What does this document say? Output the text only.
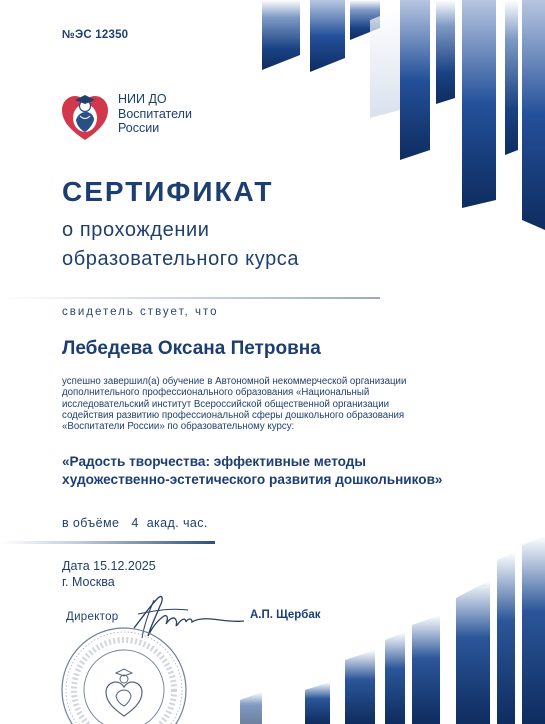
№ЭС 12350
НИИ ДО
Воспитатели
России
СЕРТИФИКАТ
о прохождении
образовательного курса
свидетель ствует, что
Лебедева Оксана Петровна
успешно завершил(а) обучение в Автономной некоммерческой организации
дополнительного профессионального образования «Национальный
исследовательский институт Всероссийской общественной организации
содействия развитию профессиональной сферы дошкольного образования
«Воспитатели России» по образовательному курсу:
«Радость творчества: эффективные методы
художественно-эстетического развития дошкольников»
в объёме 4 акад. час.
Дата 15.12.2025
г. Москва
Директор	А.П. Щербак
